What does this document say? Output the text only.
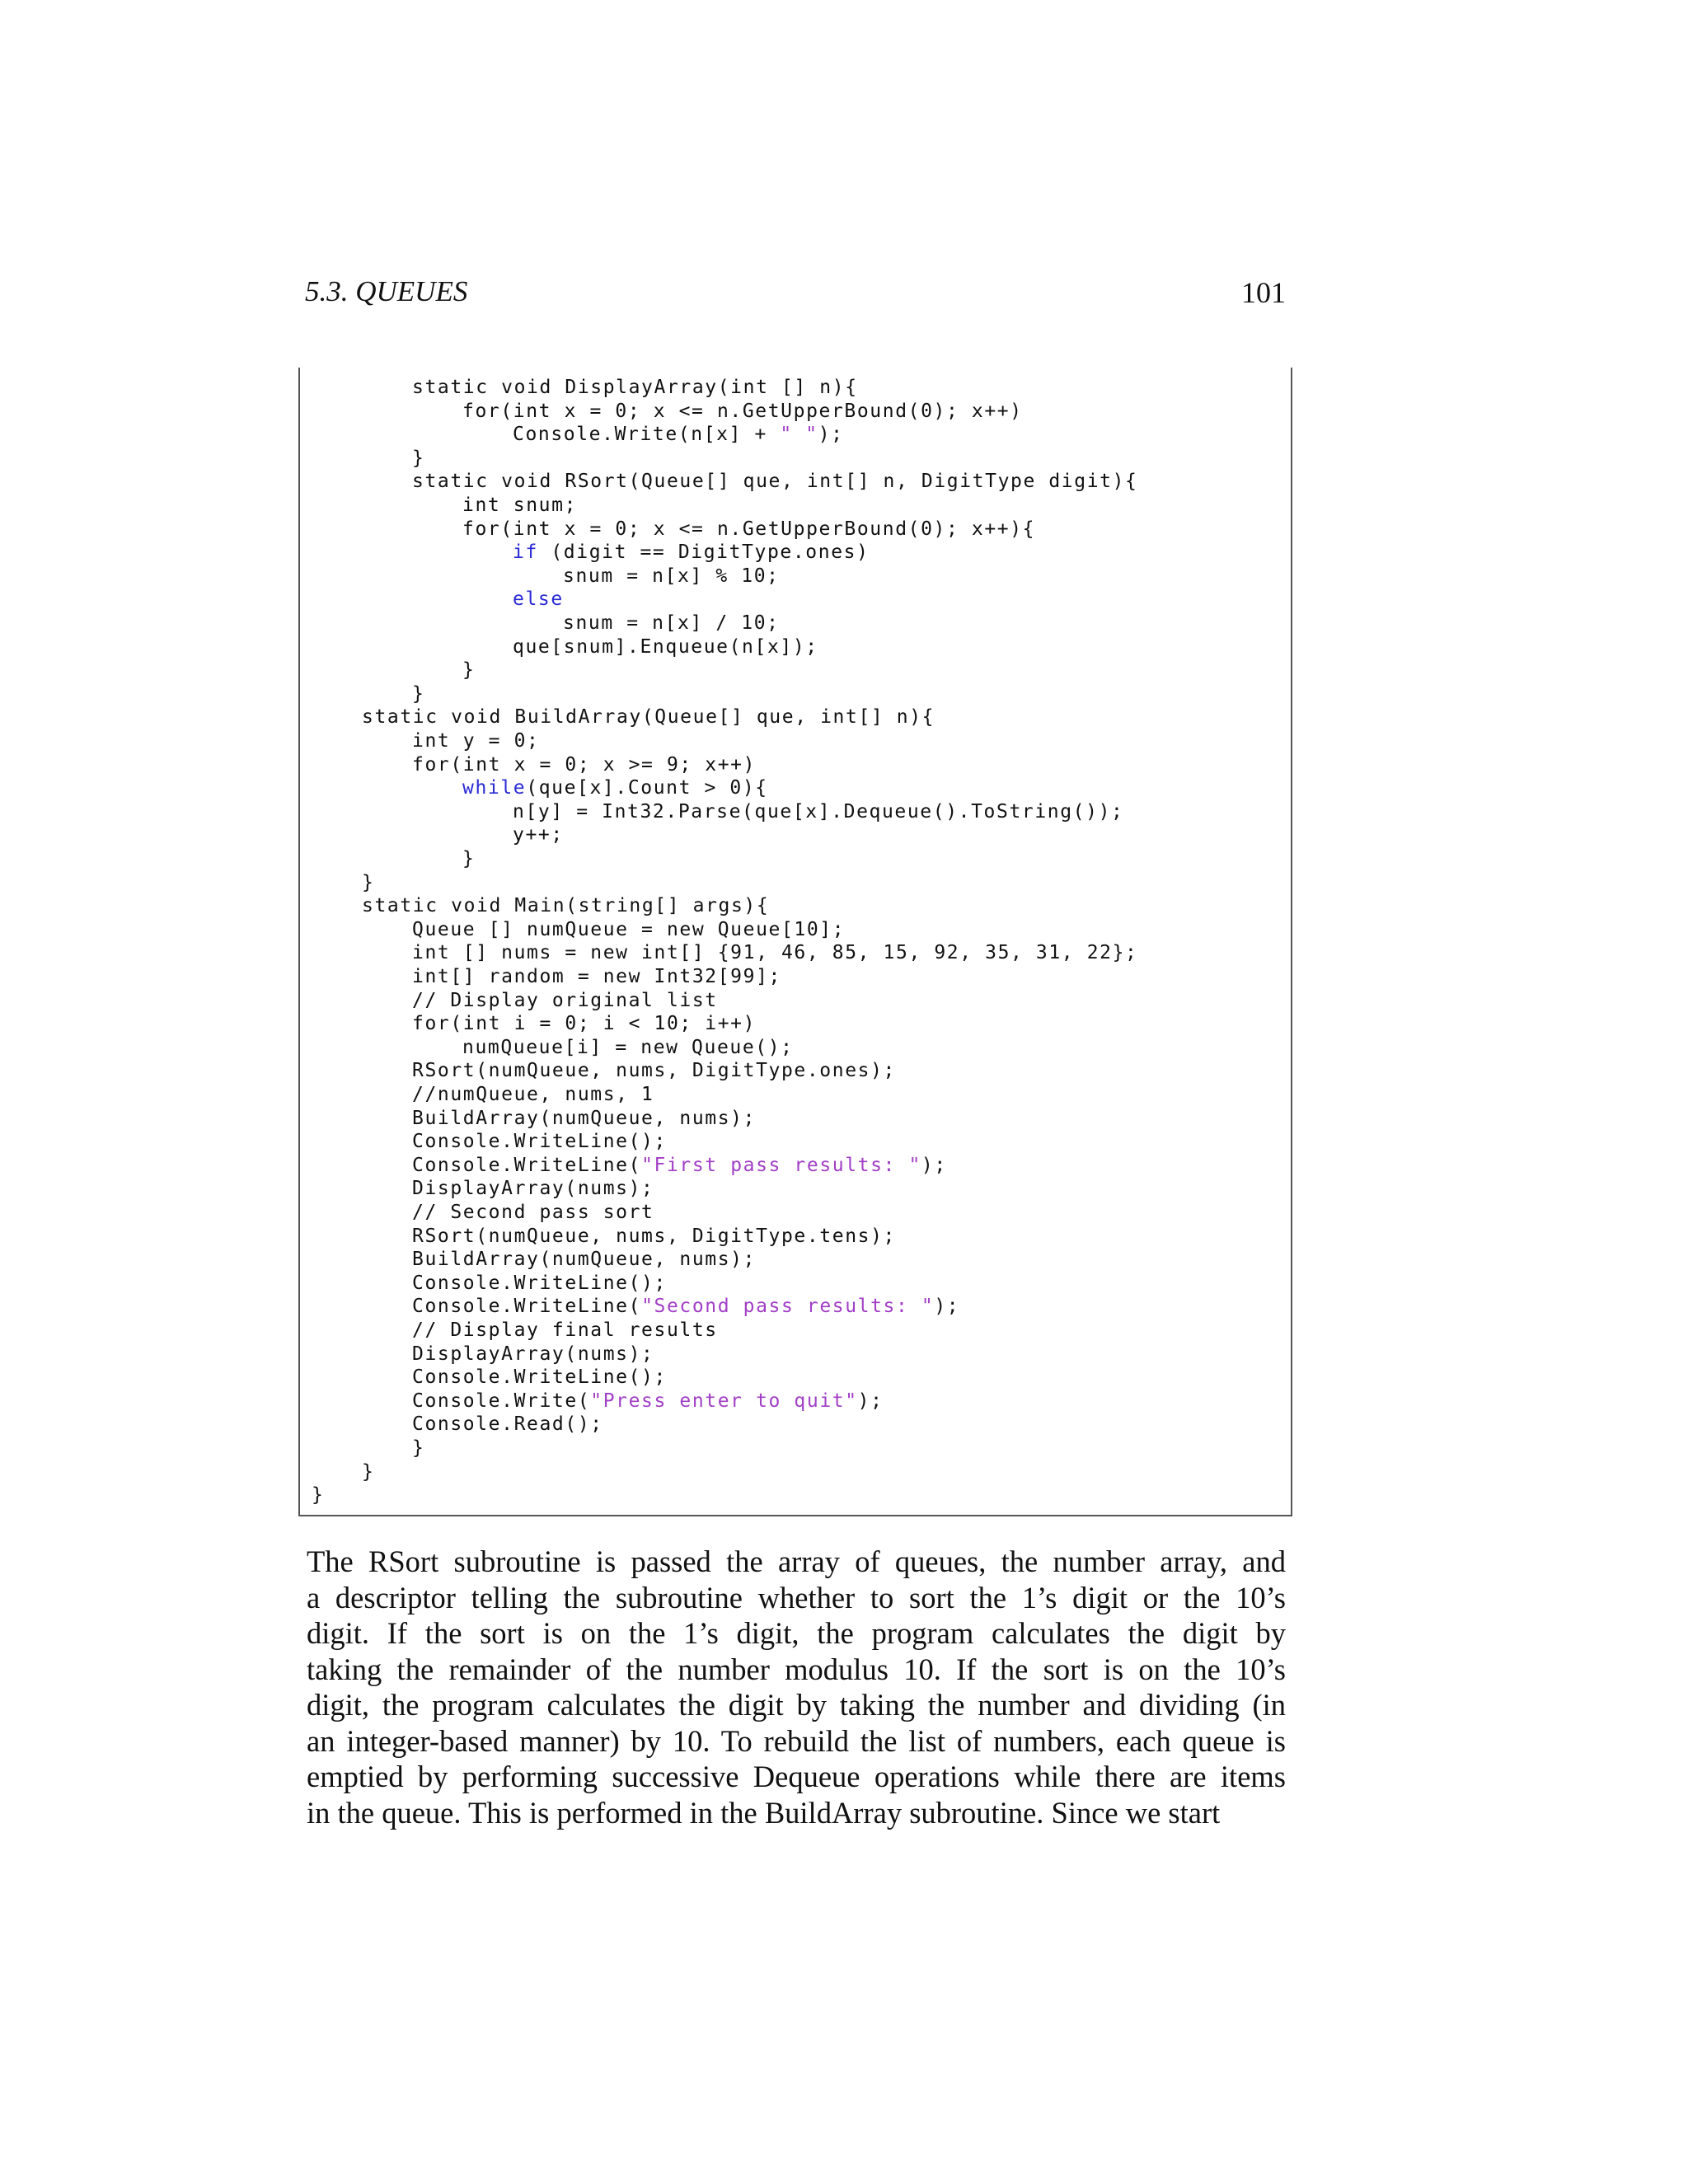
5.3. QUEUES	101
static void DisplayArray(int [] n){
for(int x = 0; x <= n.GetUpperBound(0); x++)
Console.Write(n[x] + " ");
}
static void RSort(Queue[] que, int[] n, DigitType digit){
int snum;
for(int x = 0; x <= n.GetUpperBound(0); x++){
if (digit == DigitType.ones)
snum = n[x] % 10;
else
snum = n[x] / 10;
que[snum].Enqueue(n[x]);
}
}
static void BuildArray(Queue[] que, int[] n){
int y = 0;
for(int x = 0; x >= 9; x++)
while(que[x].Count > 0){
n[y] = Int32.Parse(que[x].Dequeue().ToString());
y++;
}
}
static void Main(string[] args){
Queue [] numQueue = new Queue[10];
int [] nums = new int[] {91, 46, 85, 15, 92, 35, 31, 22};
int[] random = new Int32[99];
// Display original list
for(int i = 0; i < 10; i++)
numQueue[i] = new Queue();
RSort(numQueue, nums, DigitType.ones);
//numQueue, nums, 1
BuildArray(numQueue, nums);
Console.WriteLine();
Console.WriteLine("First pass results: ");
DisplayArray(nums);
// Second pass sort
RSort(numQueue, nums, DigitType.tens);
BuildArray(numQueue, nums);
Console.WriteLine();
Console.WriteLine("Second pass results: ");
// Display final results
DisplayArray(nums);
Console.WriteLine();
Console.Write("Press enter to quit");
Console.Read();
}
}
}
The RSort subroutine is passed the array of queues, the number array, and
a descriptor telling the subroutine whether to sort the 1’s digit or the 10’s
digit. If the sort is on the 1’s digit, the program calculates the digit by
taking the remainder of the number modulus 10. If the sort is on the 10’s
digit, the program calculates the digit by taking the number and dividing (in
an integer-based manner) by 10. To rebuild the list of numbers, each queue is
emptied by performing successive Dequeue operations while there are items
in the queue. This is performed in the BuildArray subroutine. Since we start
